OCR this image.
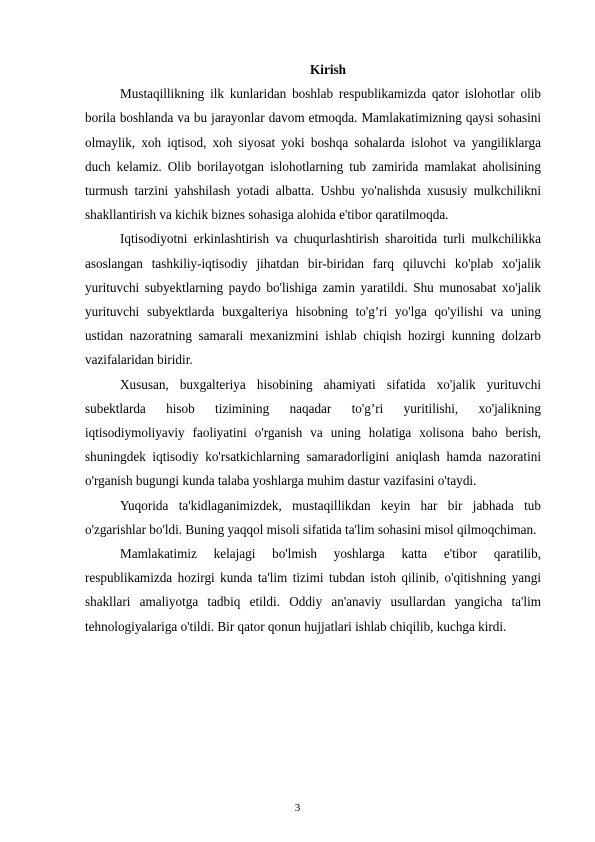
Kirish

Mustaqillikning ilk kunlaridan boshlab respublikamizda qator islohotlar olib borila boshlanda va bu jarayonlar davom etmoqda. Mamlakatimizning qaysi sohasini olmaylik, xoh iqtisod, xoh siyosat yoki boshqa sohalarda islohot va yangiliklarga duch kelamiz. Olib borilayotgan islohotlarning tub zamirida mamlakat aholisining turmush tarzini yahshilash yotadi albatta. Ushbu yo'nalishda xususiy mulkchilikni shakllantirish va kichik biznes sohasiga alohida e'tibor qaratilmoqda.

Iqtisodiyotni erkinlashtirish va chuqurlashtirish sharoitida turli mulkchilikka asoslangan tashkiliy-iqtisodiy jihatdan bir-biridan farq qiluvchi ko'plab xo'jalik yurituvchi subyektlarning paydo bo'lishiga zamin yaratildi. Shu munosabat xo'jalik yurituvchi subyektlarda buxgalteriya hisobning to'g’ri yo'lga qo'yilishi va uning ustidan nazoratning samarali mexanizmini ishlab chiqish hozirgi kunning dolzarb vazifalaridan biridir.

Xususan, buxgalteriya hisobining ahamiyati sifatida xo'jalik yurituvchi subektlarda hisob tizimining naqadar to'g’ri yuritilishi, xo'jalikning iqtisodiymoliyaviy faoliyatini o'rganish va uning holatiga xolisona baho berish, shuningdek iqtisodiy ko'rsatkichlarning samaradorligini aniqlash hamda nazoratini o'rganish bugungi kunda talaba yoshlarga muhim dastur vazifasini o'taydi.

Yuqorida ta'kidlaganimizdek, mustaqillikdan keyin har bir jabhada tub o'zgarishlar bo'ldi. Buning yaqqol misoli sifatida ta'lim sohasini misol qilmoqchiman.

Mamlakatimiz kelajagi bo'lmish yoshlarga katta e'tibor qaratilib, respublikamizda hozirgi kunda ta'lim tizimi tubdan istoh qilinib, o'qitishning yangi shakllari amaliyotga tadbiq etildi. Oddiy an'anaviy usullardan yangicha ta'lim tehnologiyalariga o'tildi. Bir qator qonun hujjatlari ishlab chiqilib, kuchga kirdi.

3
